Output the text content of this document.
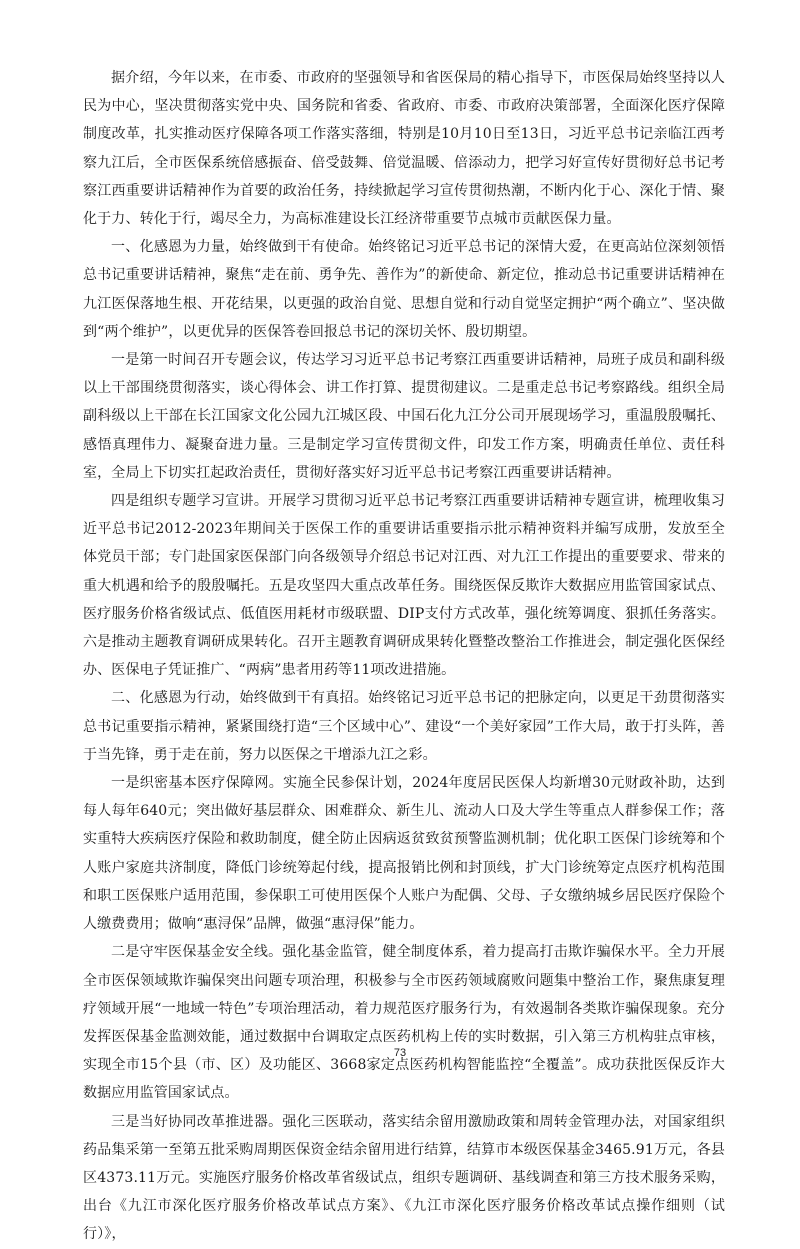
据介绍，今年以来，在市委、市政府的坚强领导和省医保局的精心指导下，市医保局始终坚持以人民为中心，坚决贯彻落实党中央、国务院和省委、省政府、市委、市政府决策部署，全面深化医疗保障制度改革，扎实推动医疗保障各项工作落实落细，特别是10月10日至13日，习近平总书记亲临江西考察九江后，全市医保系统倍感振奋、倍受鼓舞、倍觉温暖、倍添动力，把学习好宣传好贯彻好总书记考察江西重要讲话精神作为首要的政治任务，持续掀起学习宣传贯彻热潮，不断内化于心、深化于情、聚化于力、转化于行，竭尽全力，为高标准建设长江经济带重要节点城市贡献医保力量。

一、化感恩为力量，始终做到干有使命。始终铭记习近平总书记的深情大爱，在更高站位深刻领悟总书记重要讲话精神，聚焦“走在前、勇争先、善作为”的新使命、新定位，推动总书记重要讲话精神在九江医保落地生根、开花结果，以更强的政治自觉、思想自觉和行动自觉坚定拥护“两个确立”、坚决做到“两个维护”，以更优异的医保答卷回报总书记的深切关怀、殷切期望。

一是第一时间召开专题会议，传达学习习近平总书记考察江西重要讲话精神，局班子成员和副科级以上干部围绕贯彻落实，谈心得体会、讲工作打算、提贯彻建议。二是重走总书记考察路线。组织全局副科级以上干部在长江国家文化公园九江城区段、中国石化九江分公司开展现场学习，重温殷殷嘱托、感悟真理伟力、凝聚奋进力量。三是制定学习宣传贯彻文件，印发工作方案，明确责任单位、责任科室，全局上下切实扛起政治责任，贯彻好落实好习近平总书记考察江西重要讲话精神。

四是组织专题学习宣讲。开展学习贯彻习近平总书记考察江西重要讲话精神专题宣讲，梳理收集习近平总书记2012-2023年期间关于医保工作的重要讲话重要指示批示精神资料并编写成册，发放至全体党员干部；专门赴国家医保部门向各级领导介绍总书记对江西、对九江工作提出的重要要求、带来的重大机遇和给予的殷殷嘱托。五是攻坚四大重点改革任务。围绕医保反欺诈大数据应用监管国家试点、医疗服务价格省级试点、低值医用耗材市级联盟、DIP支付方式改革，强化统筹调度、狠抓任务落实。六是推动主题教育调研成果转化。召开主题教育调研成果转化暨整改整治工作推进会，制定强化医保经办、医保电子凭证推广、“两病”患者用药等11项改进措施。

二、化感恩为行动，始终做到干有真招。始终铭记习近平总书记的把脉定向，以更足干劲贯彻落实总书记重要指示精神，紧紧围绕打造“三个区域中心”、建设“一个美好家园”工作大局，敢于打头阵，善于当先锋，勇于走在前，努力以医保之干增添九江之彩。

一是织密基本医疗保障网。实施全民参保计划，2024年度居民医保人均新增30元财政补助，达到每人每年640元；突出做好基层群众、困难群众、新生儿、流动人口及大学生等重点人群参保工作；落实重特大疾病医疗保险和救助制度，健全防止因病返贫致贫预警监测机制；优化职工医保门诊统筹和个人账户家庭共济制度，降低门诊统筹起付线，提高报销比例和封顶线，扩大门诊统筹定点医疗机构范围和职工医保账户适用范围，参保职工可使用医保个人账户为配偶、父母、子女缴纳城乡居民医疗保险个人缴费费用；做响“惠浔保”品牌，做强“惠浔保”能力。

二是守牢医保基金安全线。强化基金监管，健全制度体系，着力提高打击欺诈骗保水平。全力开展全市医保领域欺诈骗保突出问题专项治理，积极参与全市医药领域腐败问题集中整治工作，聚焦康复理疗领域开展“一地域一特色”专项治理活动，着力规范医疗服务行为，有效遏制各类欺诈骗保现象。充分发挥医保基金监测效能，通过数据中台调取定点医药机构上传的实时数据，引入第三方机构驻点审核，实现全市15个县（市、区）及功能区、3668家定点医药机构智能监控“全覆盖”。成功获批医保反诈大数据应用监管国家试点。

三是当好协同改革推进器。强化三医联动，落实结余留用激励政策和周转金管理办法，对国家组织药品集采第一至第五批采购周期医保资金结余留用进行结算，结算市本级医保基金3465.91万元，各县区4373.11万元。实施医疗服务价格改革省级试点，组织专题调研、基线调查和第三方技术服务采购，出台《九江市深化医疗服务价格改革试点方案》、《九江市深化医疗服务价格改革试点操作细则（试行）》，

73
